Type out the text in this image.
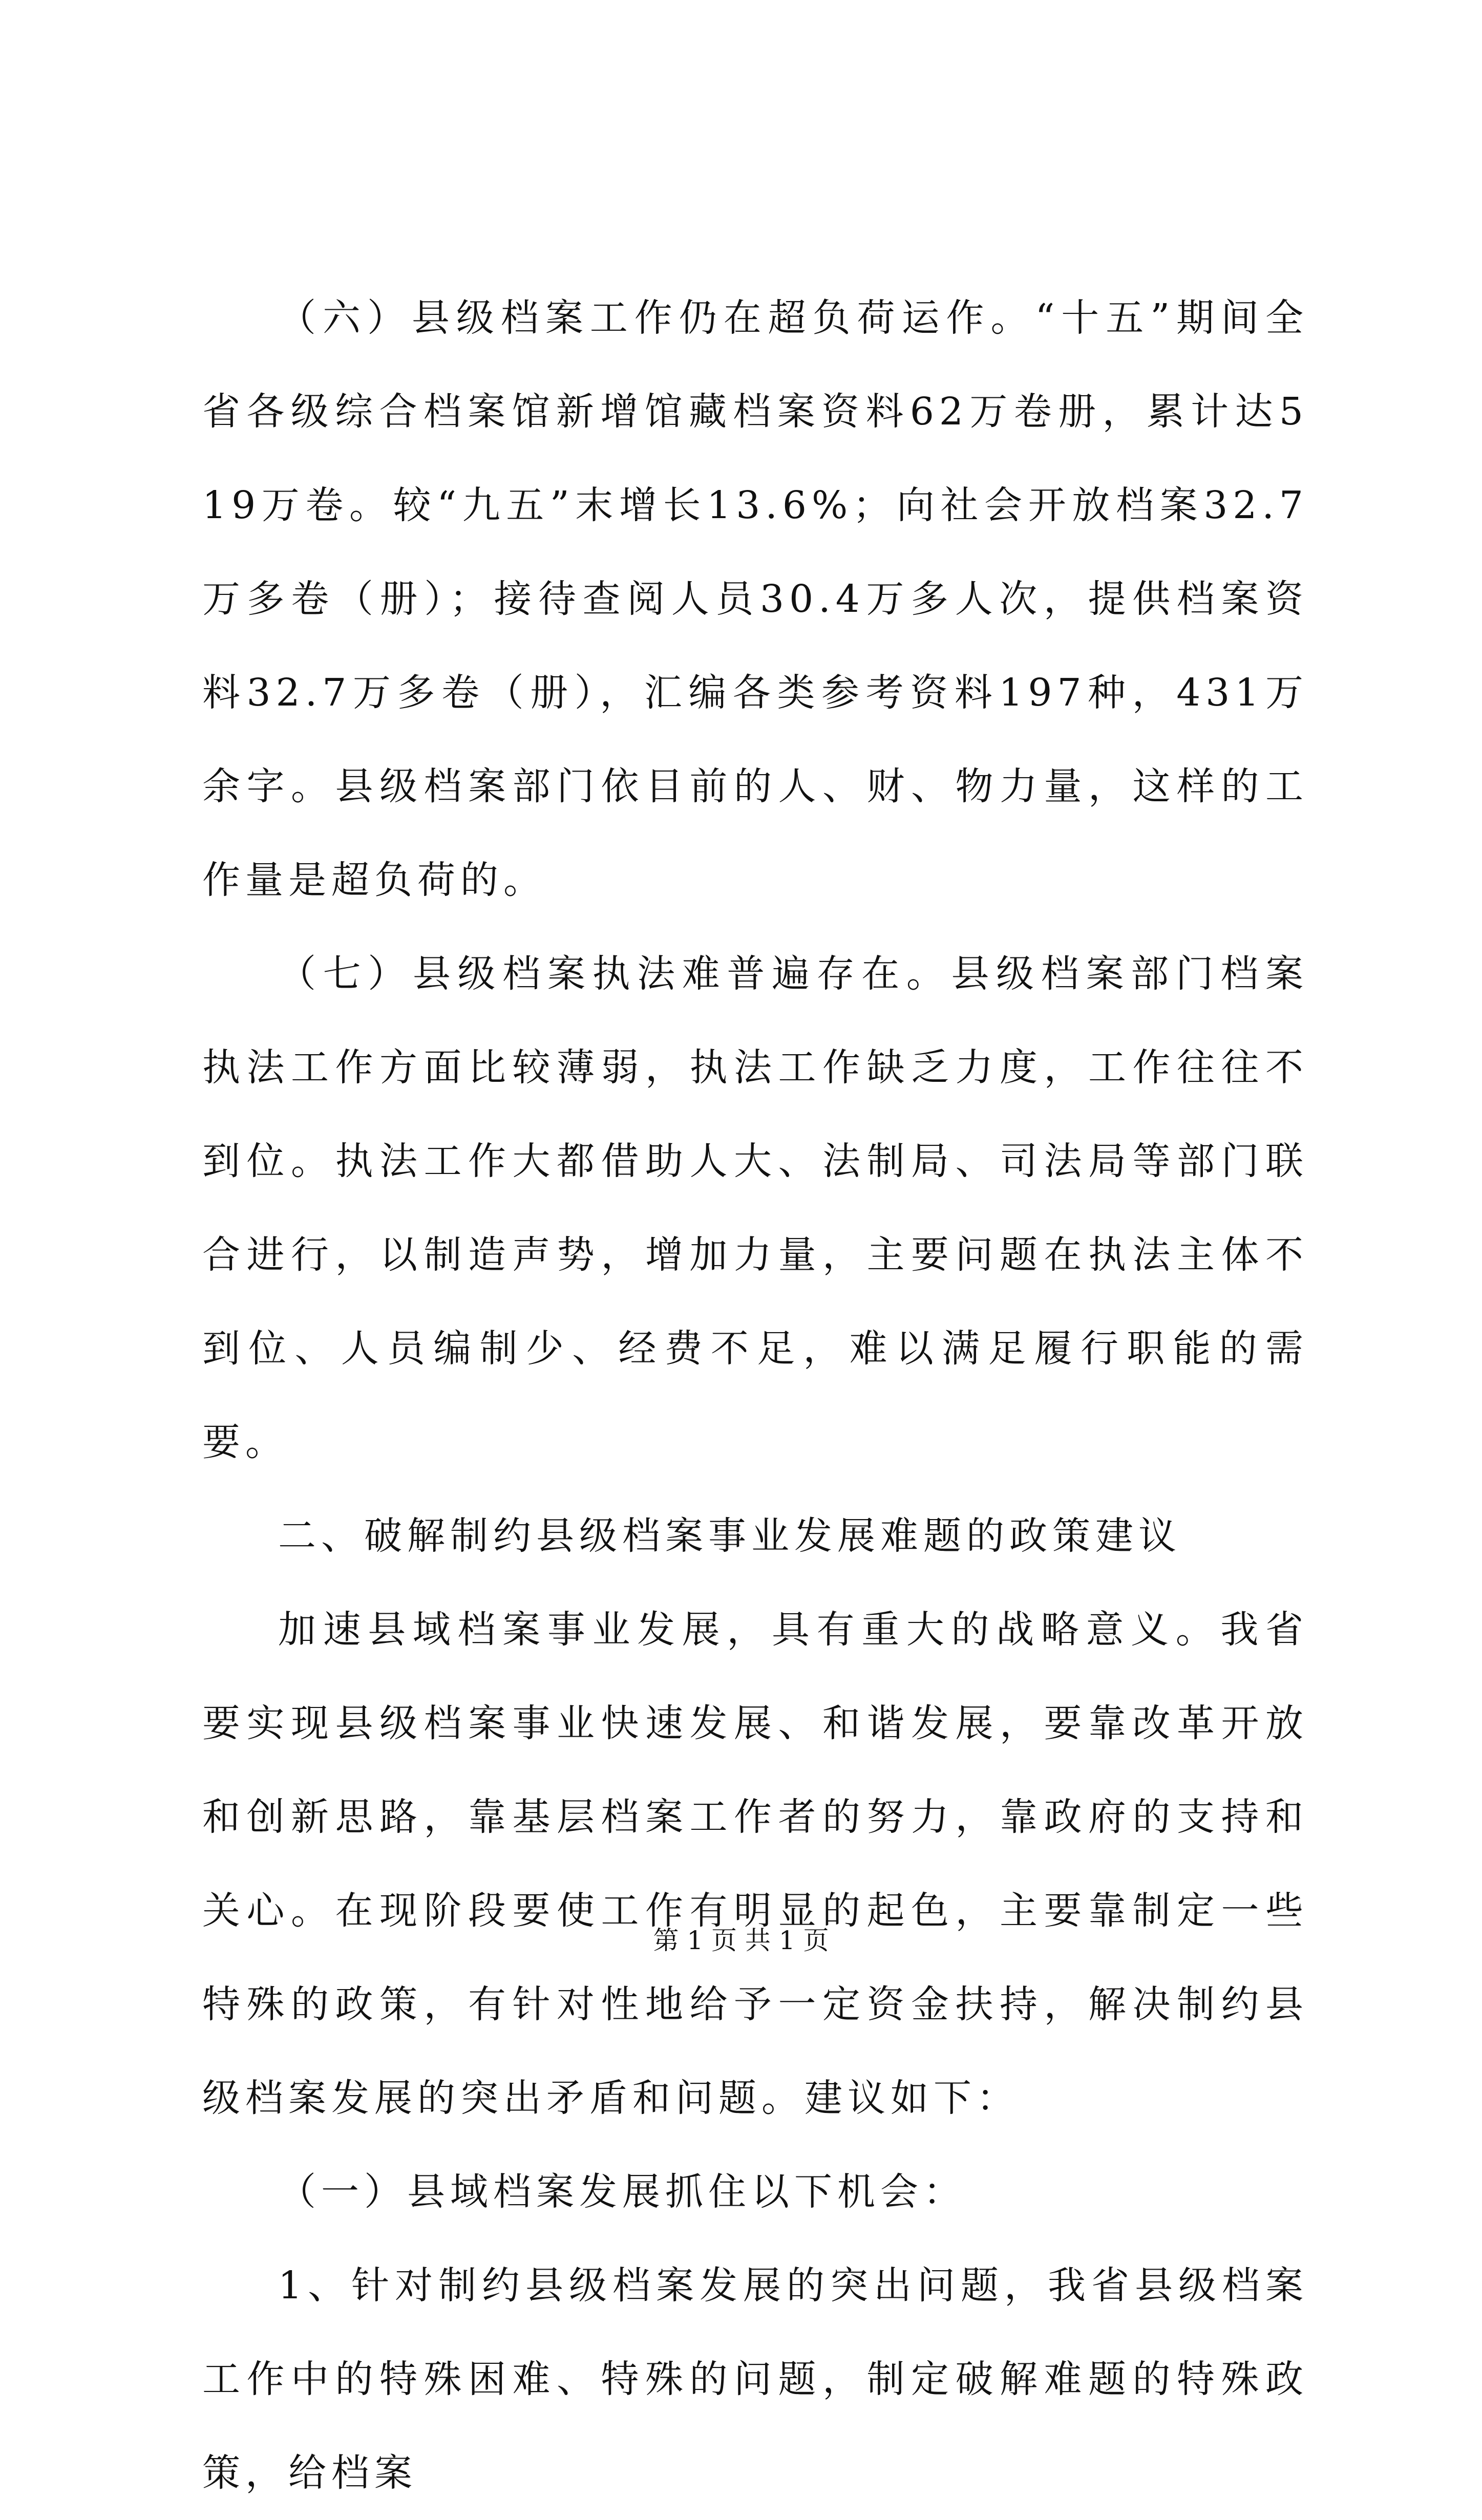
（六）县级档案工作仍在超负荷运作。“十五”期间全省各级综合档案馆新增馆藏档案资料62万卷册，累计达519万卷。较“九五”末增长13.6%；向社会开放档案32.7万多卷（册）；接待查阅人员30.4万多人次，提供档案资料32.7万多卷（册），汇编各类参考资料197种，431万余字。县级档案部门依目前的人、财、物力量，这样的工作量是超负荷的。

（七）县级档案执法难普遍存在。县级档案部门档案执法工作方面比较薄弱，执法工作缺乏力度，工作往往不到位。执法工作大都借助人大、法制局、司法局等部门联合进行，以制造声势，增加力量，主要问题在执法主体不到位、人员编制少、经费不足，难以满足履行职能的需要。

二、破解制约县级档案事业发展难题的政策建议

加速县域档案事业发展，具有重大的战略意义。我省要实现县级档案事业快速发展、和谐发展，要靠改革开放和创新思路，靠基层档案工作者的努力，靠政府的支持和关心。在现阶段要使工作有明显的起色，主要靠制定一些特殊的政策，有针对性地给予一定资金扶持，解决制约县级档案发展的突出矛盾和问题。建议如下：

（一）县域档案发展抓住以下机会：

1、针对制约县级档案发展的突出问题，我省县级档案工作中的特殊困难、特殊的问题，制定破解难题的特殊政策，给档案

第 1 页 共 1 页
